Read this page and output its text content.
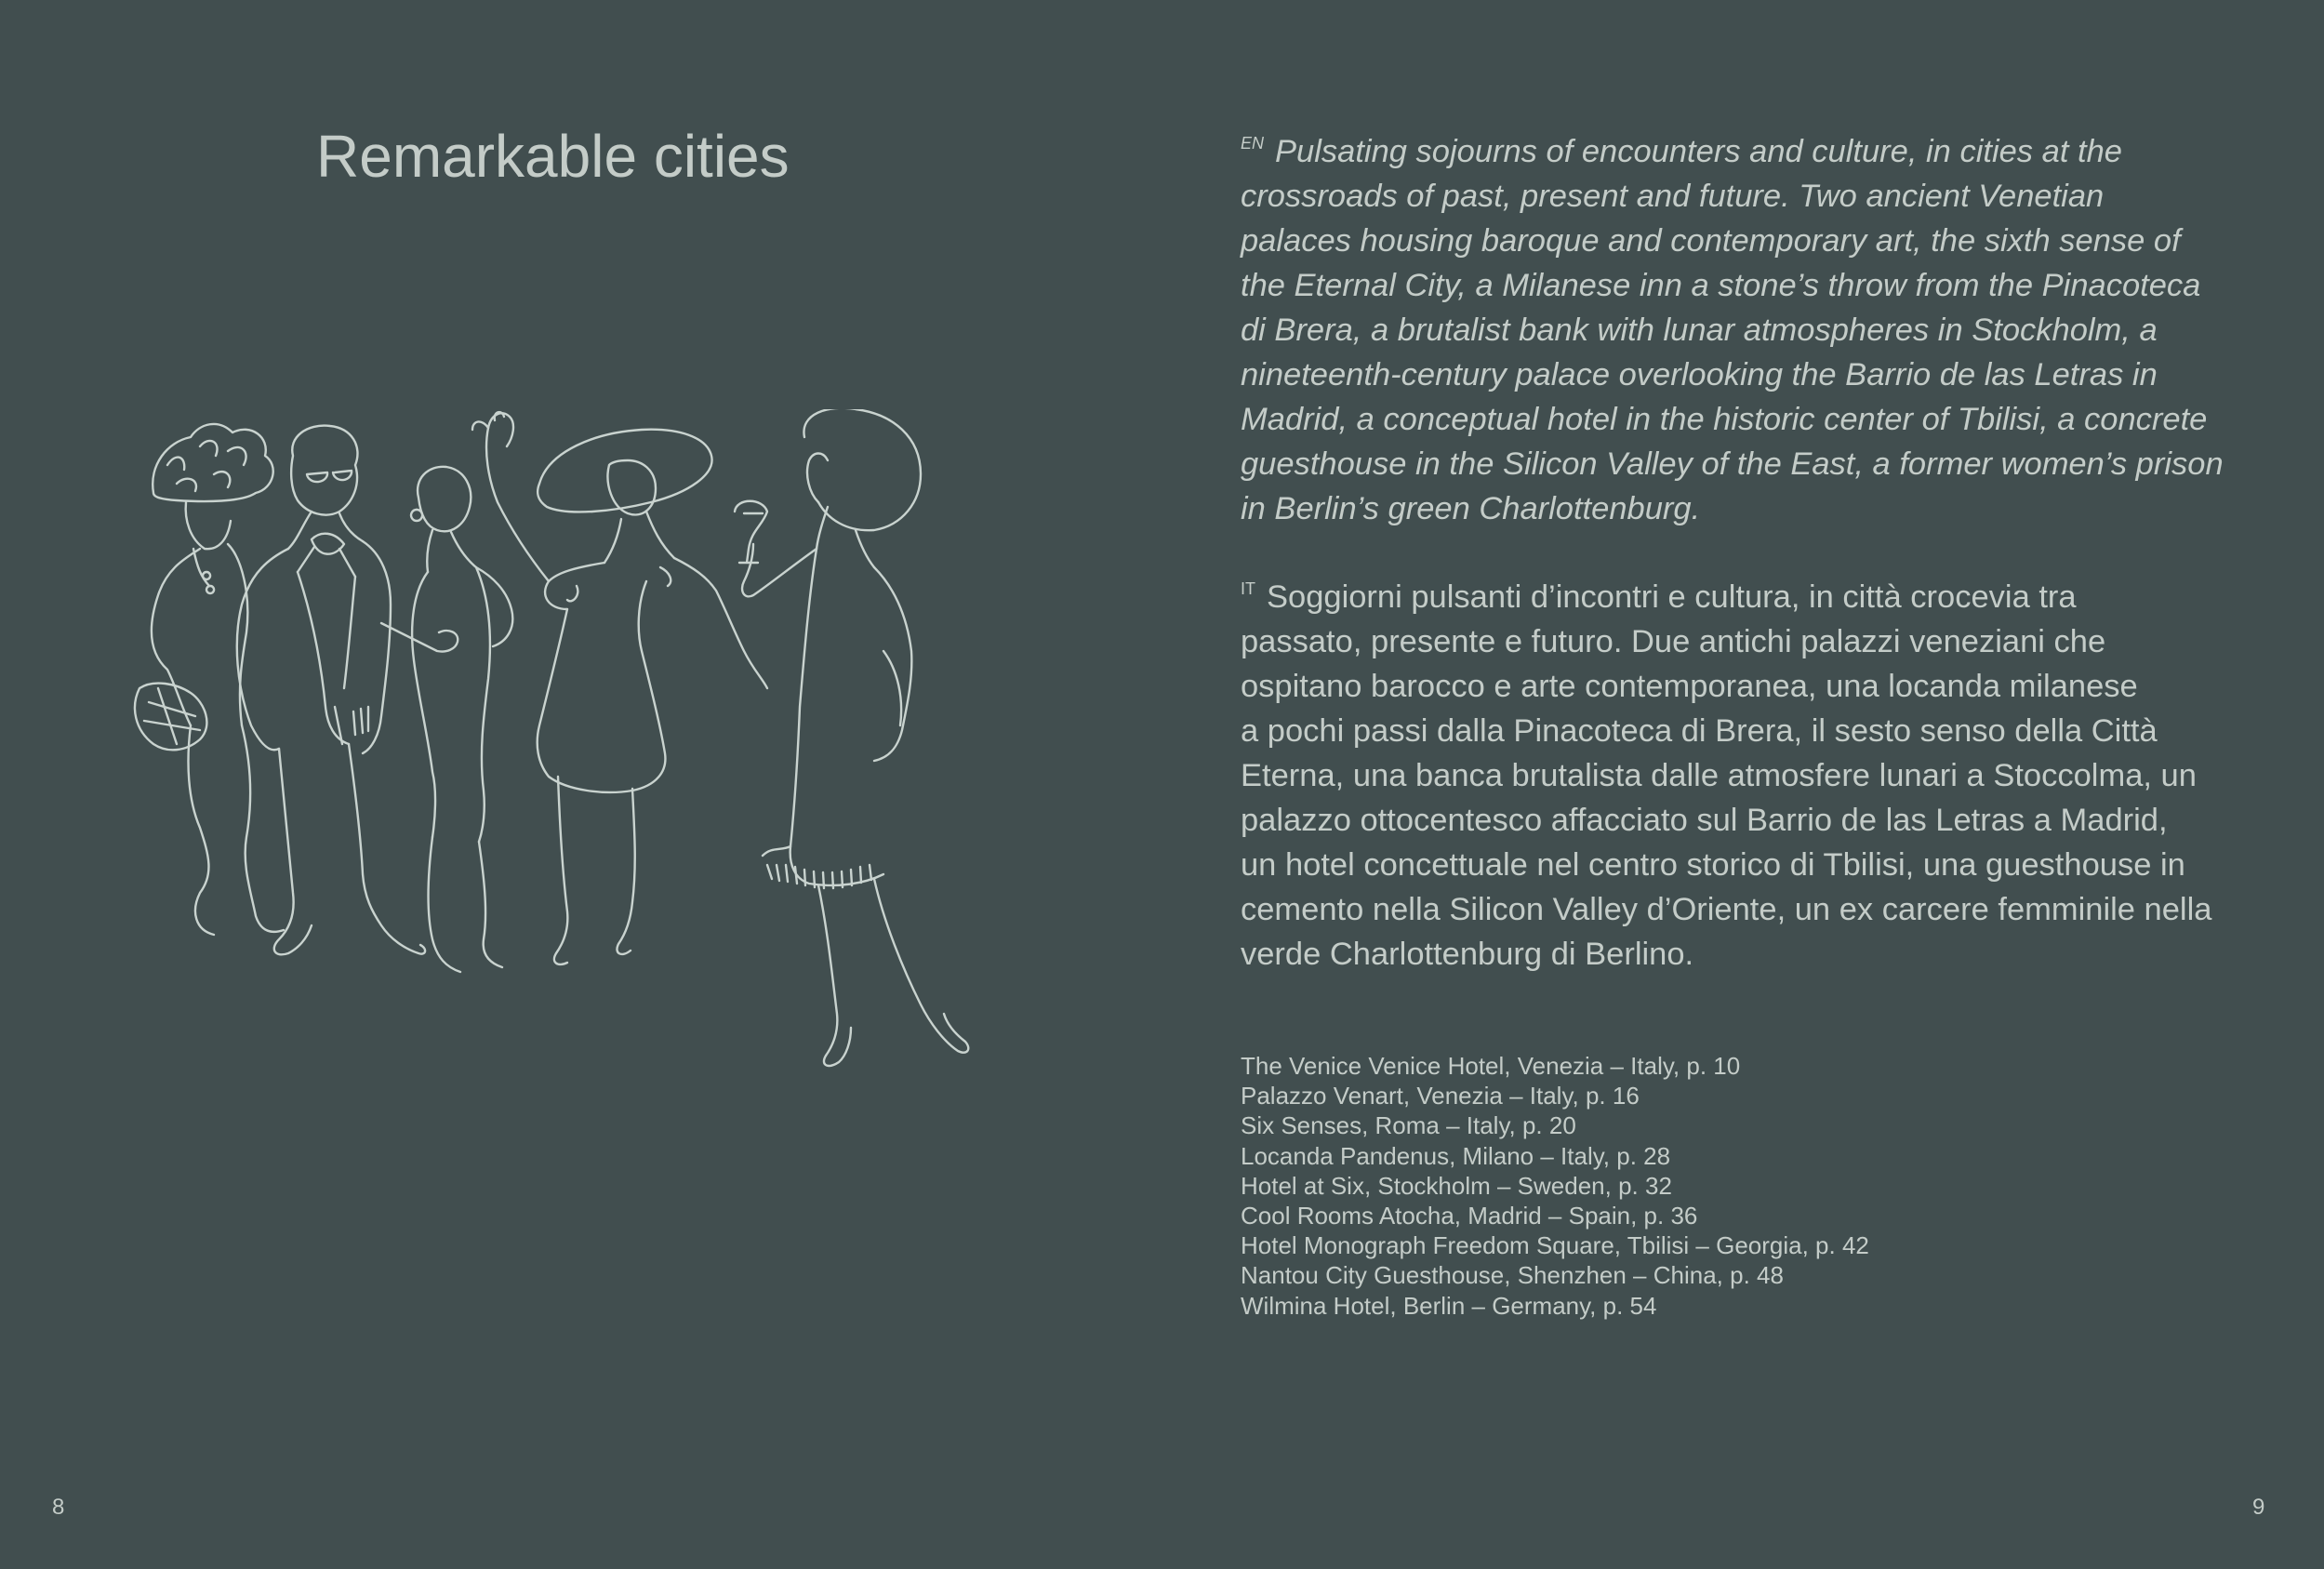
Remarkable cities	$^{EN}$ Pulsating sojourns of encounters and culture, in cities at the
crossroads of past, present and future. Two ancient Venetian
palaces housing baroque and contemporary art, the sixth sense of
the Eternal City, a Milanese inn a stone’s throw from the Pinacoteca
di Brera, a brutalist bank with lunar atmospheres in Stockholm, a
nineteenth-century palace overlooking the Barrio de las Letras in
Madrid, a conceptual hotel in the historic center of Tbilisi, a concrete
guesthouse in the Silicon Valley of the East, a former women’s prison
in Berlin’s green Charlottenburg.
$^{IT}$ Soggiorni pulsanti d’incontri e cultura, in città crocevia tra
passato, presente e futuro. Due antichi palazzi veneziani che
ospitano barocco e arte contemporanea, una locanda milanese
a pochi passi dalla Pinacoteca di Brera, il sesto senso della Città
Eterna, una banca brutalista dalle atmosfere lunari a Stoccolma, un
palazzo ottocentesco affacciato sul Barrio de las Letras a Madrid,
un hotel concettuale nel centro storico di Tbilisi, una guesthouse in
cemento nella Silicon Valley d’Oriente, un ex carcere femminile nella
verde Charlottenburg di Berlino.
The Venice Venice Hotel, Venezia – Italy, p. 10
Palazzo Venart, Venezia – Italy, p. 16
Six Senses, Roma – Italy, p. 20
Locanda Pandenus, Milano – Italy, p. 28
Hotel at Six, Stockholm – Sweden, p. 32
Cool Rooms Atocha, Madrid – Spain, p. 36
Hotel Monograph Freedom Square, Tbilisi – Georgia, p. 42
Nantou City Guesthouse, Shenzhen – China, p. 48
Wilmina Hotel, Berlin – Germany, p. 54
8	9
